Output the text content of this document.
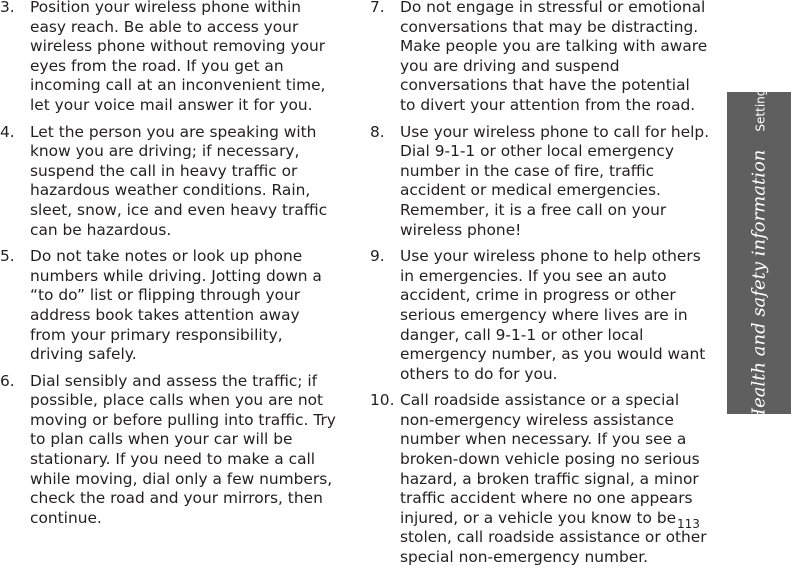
3. Position your wireless phone within easy reach. Be able to access your wireless phone without removing your eyes from the road. If you get an incoming call at an inconvenient time, let your voice mail answer it for you.
4. Let the person you are speaking with know you are driving; if necessary, suspend the call in heavy traffic or hazardous weather conditions. Rain, sleet, snow, ice and even heavy traffic can be hazardous.
5. Do not take notes or look up phone numbers while driving. Jotting down a “to do” list or flipping through your address book takes attention away from your primary responsibility, driving safely.
6. Dial sensibly and assess the traffic; if possible, place calls when you are not moving or before pulling into traffic. Try to plan calls when your car will be stationary. If you need to make a call while moving, dial only a few numbers, check the road and your mirrors, then continue.
7. Do not engage in stressful or emotional conversations that may be distracting. Make people you are talking with aware you are driving and suspend conversations that have the potential to divert your attention from the road.
8. Use your wireless phone to call for help. Dial 9-1-1 or other local emergency number in the case of fire, traffic accident or medical emergencies. Remember, it is a free call on your wireless phone!
9. Use your wireless phone to help others in emergencies. If you see an auto accident, crime in progress or other serious emergency where lives are in danger, call 9-1-1 or other local emergency number, as you would want others to do for you.
10. Call roadside assistance or a special non-emergency wireless assistance number when necessary. If you see a broken-down vehicle posing no serious hazard, a broken traffic signal, a minor traffic accident where no one appears injured, or a vehicle you know to be stolen, call roadside assistance or other special non-emergency number.
Health and safety information
Settings
113
